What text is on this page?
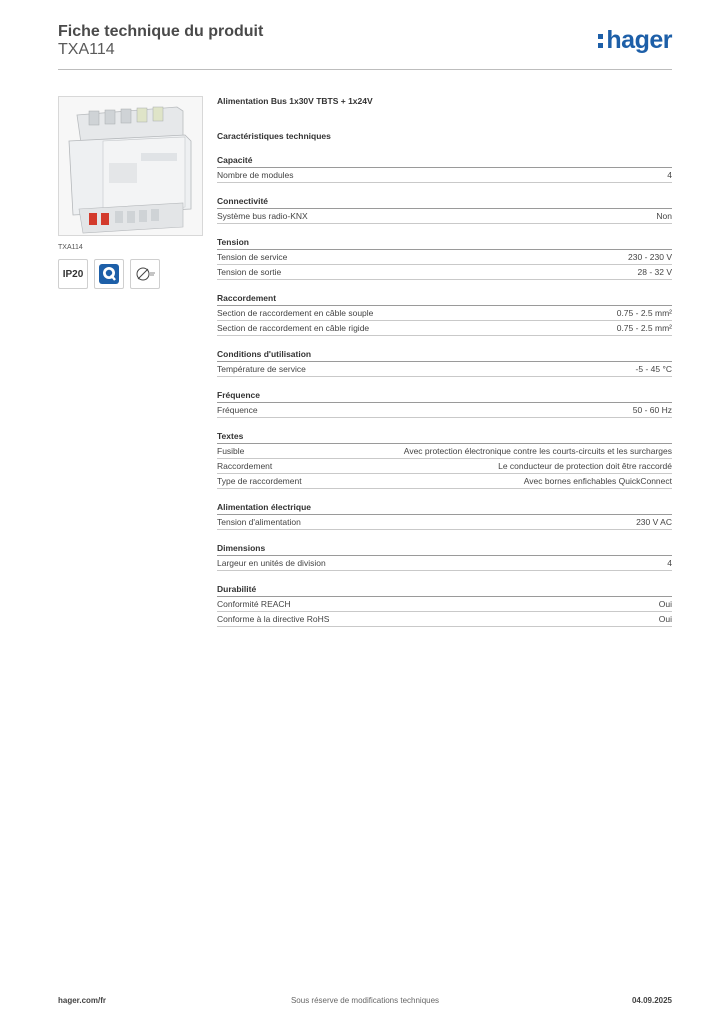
Fiche technique du produit
TXA114	hager
TXA114
IP20
Alimentation Bus 1x30V TBTS + 1x24V
Caractéristiques techniques
Capacité
Nombre de modules	4
Connectivité
Système bus radio-KNX	Non
Tension
Tension de service	230 - 230 V
Tension de sortie	28 - 32 V
Raccordement
Section de raccordement en câble souple	0.75 - 2.5 mm²
Section de raccordement en câble rigide	0.75 - 2.5 mm²
Conditions d'utilisation
Température de service	-5 - 45 °C
Fréquence
Fréquence	50 - 60 Hz
Textes
Fusible	Avec protection électronique contre les courts-circuits et les surcharges
Raccordement	Le conducteur de protection doit être raccordé
Type de raccordement	Avec bornes enfichables QuickConnect
Alimentation électrique
Tension d'alimentation	230 V AC
Dimensions
Largeur en unités de division	4
Durabilité
Conformité REACH	Oui
Conforme à la directive RoHS	Oui
Sous réserve de modifications techniques
hager.com/fr	04.09.2025
